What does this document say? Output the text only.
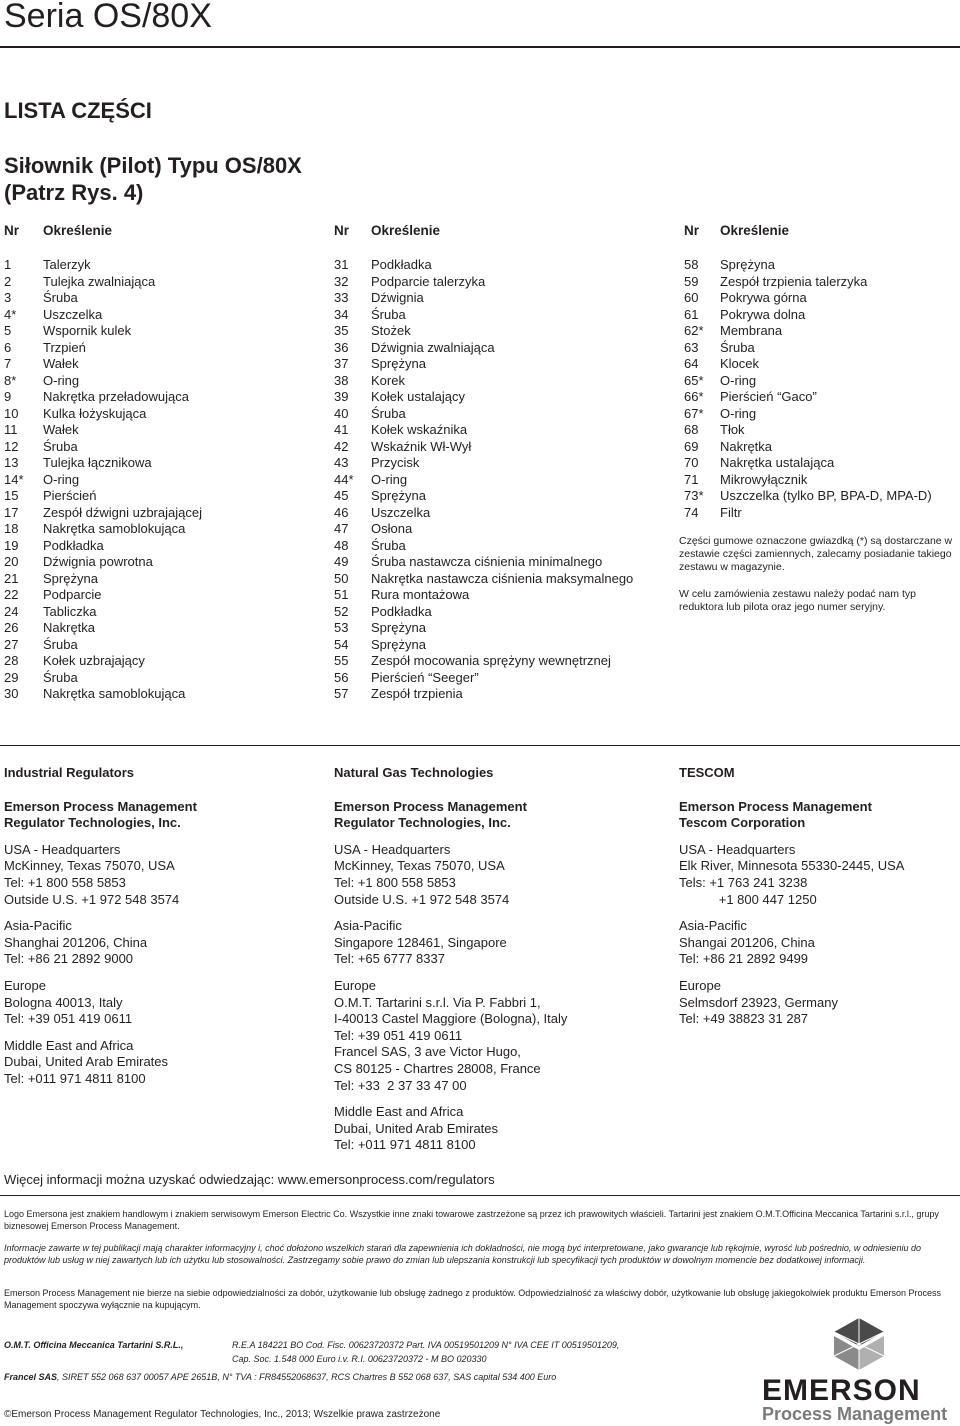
Seria OS/80X
LISTA CZĘŚCI
Siłownik (Pilot) Typu OS/80X
(Patrz Rys. 4)
Nr Określenie
1 Talerzyk
2 Tulejka zwalniająca
3 Śruba
4* Uszczelka
5 Wspornik kulek
6 Trzpień
7 Wałek
8* O-ring
9 Nakrętka przeładowująca
10 Kulka łożyskująca
11 Wałek
12 Śruba
13 Tulejka łącznikowa
14* O-ring
15 Pierścień
17 Zespół dźwigni uzbrajającej
18 Nakrętka samoblokująca
19 Podkładka
20 Dźwignia powrotna
21 Sprężyna
22 Podparcie
24 Tabliczka
26 Nakrętka
27 Śruba
28 Kołek uzbrajający
29 Śruba
30 Nakrętka samoblokująca
Nr Określenie
31 Podkładka
32 Podparcie talerzyka
33 Dźwignia
34 Śruba
35 Stożek
36 Dźwignia zwalniająca
37 Sprężyna
38 Korek
39 Kołek ustalający
40 Śruba
41 Kołek wskaźnika
42 Wskaźnik Wł-Wył
43 Przycisk
44* O-ring
45 Sprężyna
46 Uszczelka
47 Osłona
48 Śruba
49 Śruba nastawcza ciśnienia minimalnego
50 Nakrętka nastawcza ciśnienia maksymalnego
51 Rura montażowa
52 Podkładka
53 Sprężyna
54 Sprężyna
55 Zespół mocowania sprężyny wewnętrznej
56 Pierścień “Seeger”
57 Zespół trzpienia
Nr Określenie
58 Sprężyna
59 Zespół trzpienia talerzyka
60 Pokrywa górna
61 Pokrywa dolna
62* Membrana
63 Śruba
64 Klocek
65* O-ring
66* Pierścień “Gaco”
67* O-ring
68 Tłok
69 Nakrętka
70 Nakrętka ustalająca
71 Mikrowyłącznik
73* Uszczelka (tylko BP, BPA-D, MPA-D)
74 Filtr
Części gumowe oznaczone gwiazdką (*) są dostarczane w zestawie części zamiennych, zalecamy posiadanie takiego zestawu w magazynie.
W celu zamówienia zestawu należy podać nam typ reduktora lub pilota oraz jego numer seryjny.
Industrial Regulators
Emerson Process Management
Regulator Technologies, Inc.
USA - Headquarters
McKinney, Texas 75070, USA
Tel: +1 800 558 5853
Outside U.S. +1 972 548 3574
Asia-Pacific
Shanghai 201206, China
Tel: +86 21 2892 9000
Europe
Bologna 40013, Italy
Tel: +39 051 419 0611
Middle East and Africa
Dubai, United Arab Emirates
Tel: +011 971 4811 8100
Natural Gas Technologies
Emerson Process Management
Regulator Technologies, Inc.
USA - Headquarters
McKinney, Texas 75070, USA
Tel: +1 800 558 5853
Outside U.S. +1 972 548 3574
Asia-Pacific
Singapore 128461, Singapore
Tel: +65 6777 8337
Europe
O.M.T. Tartarini s.r.l. Via P. Fabbri 1,
I-40013 Castel Maggiore (Bologna), Italy
Tel: +39 051 419 0611
Francel SAS, 3 ave Victor Hugo,
CS 80125 - Chartres 28008, France
Tel: +33  2 37 33 47 00
Middle East and Africa
Dubai, United Arab Emirates
Tel: +011 971 4811 8100
TESCOM
Emerson Process Management
Tescom Corporation
USA - Headquarters
Elk River, Minnesota 55330-2445, USA
Tels: +1 763 241 3238
+1 800 447 1250
Asia-Pacific
Shangai 201206, China
Tel: +86 21 2892 9499
Europe
Selmsdorf 23923, Germany
Tel: +49 38823 31 287
Więcej informacji można uzyskać odwiedzając: www.emersonprocess.com/regulators
Logo Emersona jest znakiem handlowym i znakiem serwisowym Emerson Electric Co. Wszystkie inne znaki towarowe zastrzeżone są przez ich prawowitych właścieli. Tartarini jest znakiem O.M.T.Officina Meccanica Tartarini s.r.l., grupy biznesowej Emerson Process Management.
Informacje zawarte w tej publikacji mają charakter informacyjny i, choć dołożono wszelkich starań dla zapewnienia ich dokładności, nie mogą być interpretowane, jako gwarancje lub rękojmie, wyrość lub pośrednio, w odniesieniu do produktów lub usług w niej zawartych lub ich użytku lub stosowalności. Zastrzegamy sobie prawo do zmian lub ulepszania konstrukcji lub specyfikacji tych produktów w dowolnym momencie bez dodatkowej informacji.
Emerson Process Management nie bierze na siebie odpowiedzialności za dobór, użytkowanie lub obsługę żadnego z produktów. Odpowiedzialność za właściwy dobór, użytkowanie lub obsługę jakiegokolwiek produktu Emerson Process Management spoczywa wyłącznie na kupującym.
O.M.T. Officina Meccanica Tartarini S.R.L.,	R.E.A 184221 BO Cod. Fisc. 00623720372 Part. IVA 00519501209 N° IVA CEE IT 00519501209,
Cap. Soc. 1.548 000 Euro i.v. R.I. 00623720372 - M BO 020330
Francel SAS, SIRET 552 068 637 00057 APE 2651B, N° TVA : FR84552068637, RCS Chartres B 552 068 637, SAS capital 534 400 Euro	EMERSON
Process Management
©Emerson Process Management Regulator Technologies, Inc., 2013; Wszelkie prawa zastrzeżone
